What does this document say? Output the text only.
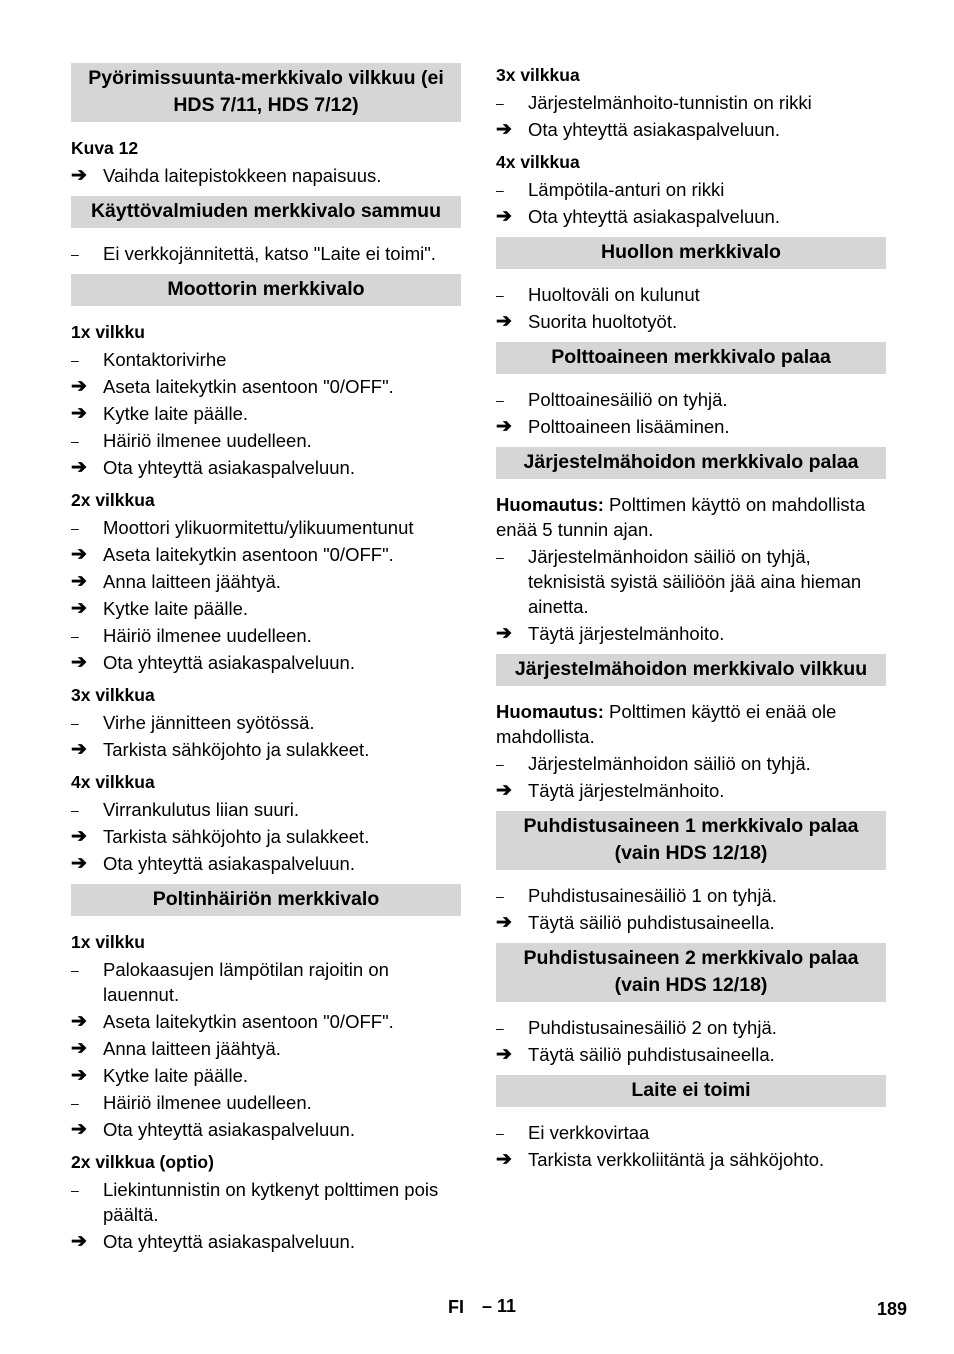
Pyörimissuunta-merkkivalo vilkkuu (ei HDS 7/11, HDS 7/12)
Kuva 12
➔ Vaihda laitepistokkeen napaisuus.
Käyttövalmiuden merkkivalo sammuu
–	Ei verkkojännitettä, katso "Laite ei toimi".
Moottorin merkkivalo
1x vilkku
–	Kontaktorivirhe
➔ Aseta laitekytkin asentoon "0/OFF".
➔ Kytke laite päälle.
–	Häiriö ilmenee uudelleen.
➔ Ota yhteyttä asiakaspalveluun.
2x vilkkua
–	Moottori ylikuormitettu/ylikuumentunut
➔ Aseta laitekytkin asentoon "0/OFF".
➔ Anna laitteen jäähtyä.
➔ Kytke laite päälle.
–	Häiriö ilmenee uudelleen.
➔ Ota yhteyttä asiakaspalveluun.
3x vilkkua
–	Virhe jännitteen syötössä.
➔ Tarkista sähköjohto ja sulakkeet.
4x vilkkua
–	Virrankulutus liian suuri.
➔ Tarkista sähköjohto ja sulakkeet.
➔ Ota yhteyttä asiakaspalveluun.
Poltinhäiriön merkkivalo
1x vilkku
–	Palokaasujen lämpötilan rajoitin on lauennut.
➔ Aseta laitekytkin asentoon "0/OFF".
➔ Anna laitteen jäähtyä.
➔ Kytke laite päälle.
–	Häiriö ilmenee uudelleen.
➔ Ota yhteyttä asiakaspalveluun.
2x vilkkua (optio)
–	Liekintunnistin on kytkenyt polttimen pois päältä.
➔ Ota yhteyttä asiakaspalveluun.
3x vilkkua
–	Järjestelmänhoito-tunnistin on rikki
➔ Ota yhteyttä asiakaspalveluun.
4x vilkkua
–	Lämpötila-anturi on rikki
➔ Ota yhteyttä asiakaspalveluun.
Huollon merkkivalo
–	Huoltoväli on kulunut
➔ Suorita huoltotyöt.
Polttoaineen merkkivalo palaa
–	Polttoainesäiliö on tyhjä.
➔ Polttoaineen lisääminen.
Järjestelmähoidon merkkivalo palaa
Huomautus: Polttimen käyttö on mahdollista enää 5 tunnin ajan.
–	Järjestelmänhoidon säiliö on tyhjä, teknisistä syistä säiliöön jää aina hieman ainetta.
➔ Täytä järjestelmänhoito.
Järjestelmähoidon merkkivalo vilkkuu
Huomautus: Polttimen käyttö ei enää ole mahdollista.
–	Järjestelmänhoidon säiliö on tyhjä.
➔ Täytä järjestelmänhoito.
Puhdistusaineen 1 merkkivalo palaa (vain HDS 12/18)
–	Puhdistusainesäiliö 1 on tyhjä.
➔ Täytä säiliö puhdistusaineella.
Puhdistusaineen 2 merkkivalo palaa (vain HDS 12/18)
–	Puhdistusainesäiliö 2 on tyhjä.
➔ Täytä säiliö puhdistusaineella.
Laite ei toimi
–	Ei verkkovirtaa
➔ Tarkista verkkoliitäntä ja sähköjohto.
FI – 11	189
